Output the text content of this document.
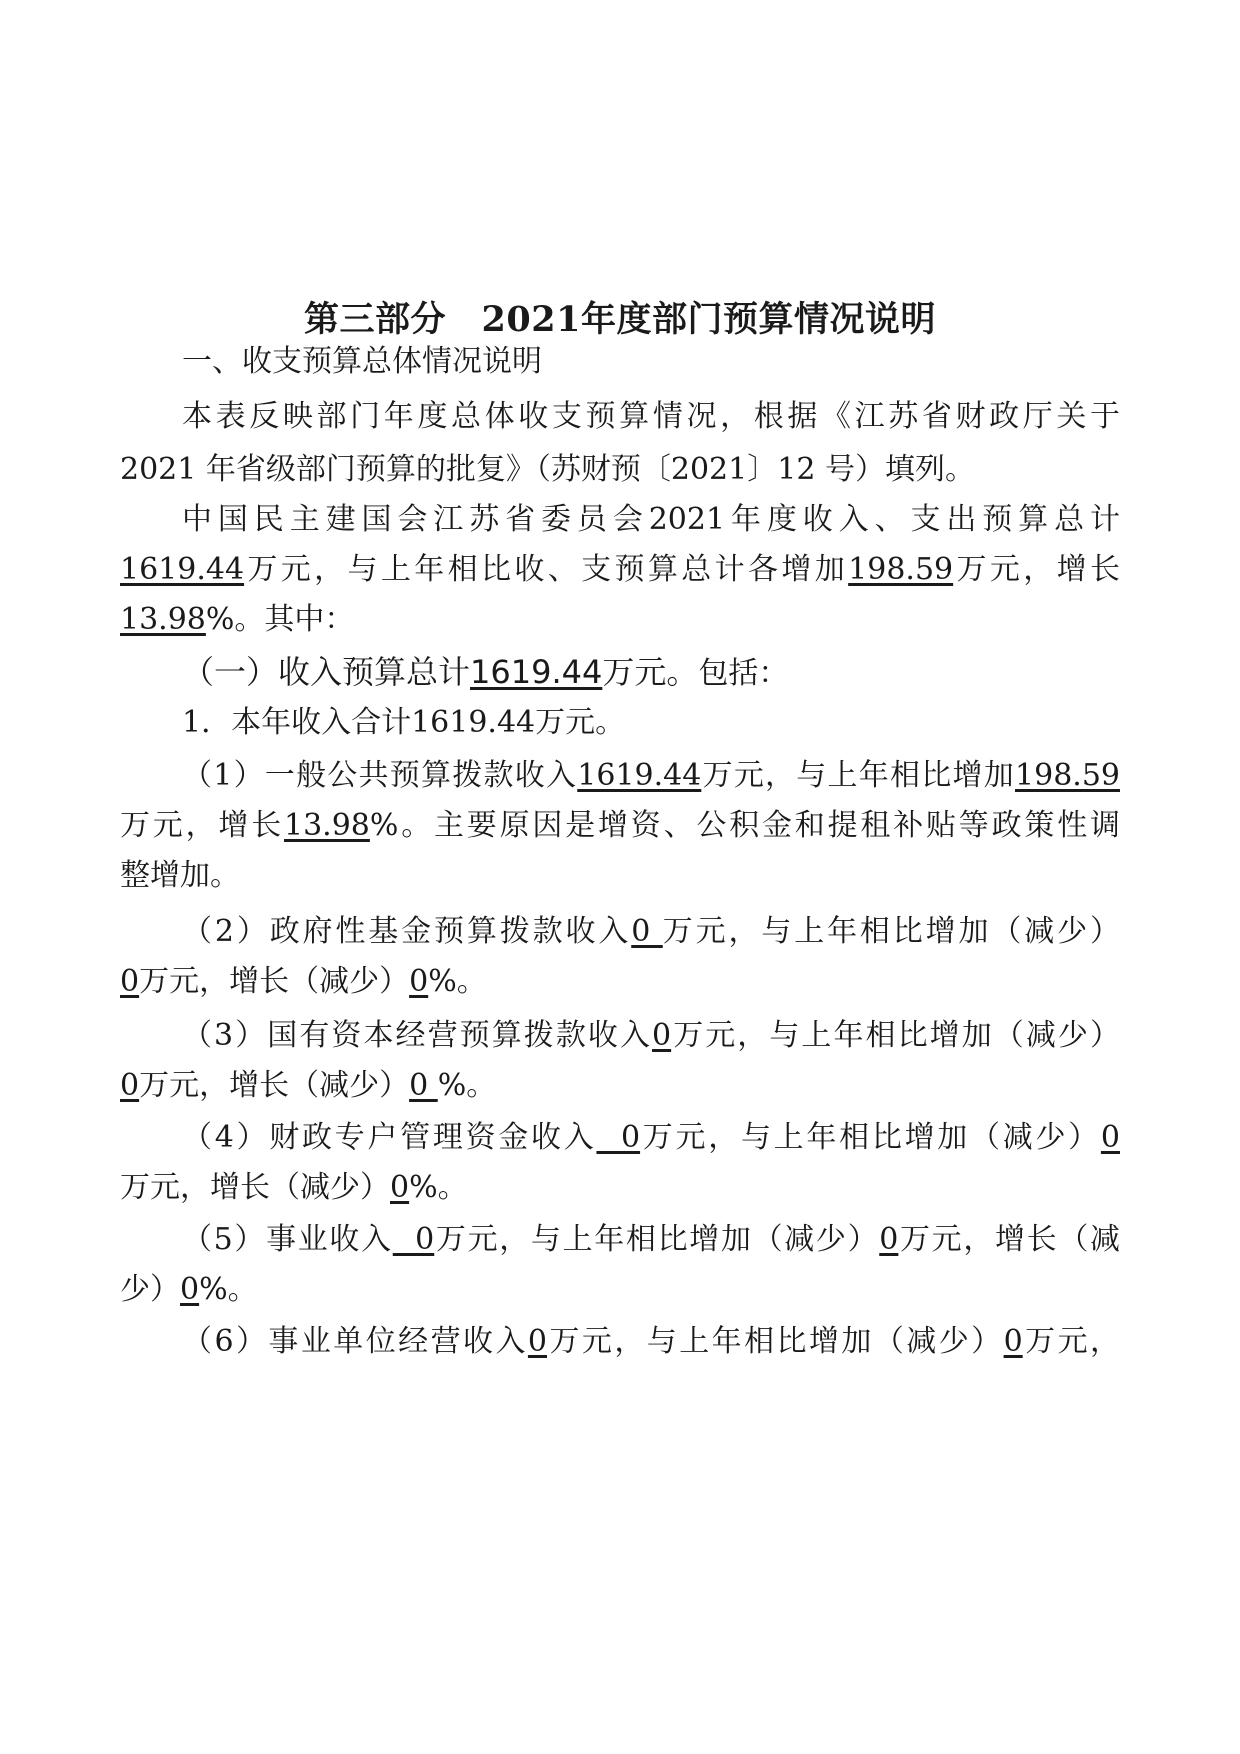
第三部分　2021年度部门预算情况说明
一、收支预算总体情况说明
本表反映部门年度总体收支预算情况，根据《江苏省财政厅关于
2021 年省级部门预算的批复》（苏财预〔2021〕12 号）填列。
中国民主建国会江苏省委员会2021年度收入、支出预算总计
1619.44万元，与上年相比收、支预算总计各增加198.59万元，增长
13.98%。其中：
（一）收入预算总计1619.44万元。包括：
1．本年收入合计1619.44万元。
（1）一般公共预算拨款收入1619.44万元，与上年相比增加198.59
万元，增长13.98%。主要原因是增资、公积金和提租补贴等政策性调
整增加。
（2）政府性基金预算拨款收入0 万元，与上年相比增加（减少）
0万元，增长（减少）0%。
（3）国有资本经营预算拨款收入0万元，与上年相比增加（减少）
0万元，增长（减少）0 %。
（4）财政专户管理资金收入  0万元，与上年相比增加（减少）0
万元，增长（减少）0%。
（5）事业收入  0万元，与上年相比增加（减少）0万元，增长（减
少）0%。
（6）事业单位经营收入0万元，与上年相比增加（减少）0万元，
